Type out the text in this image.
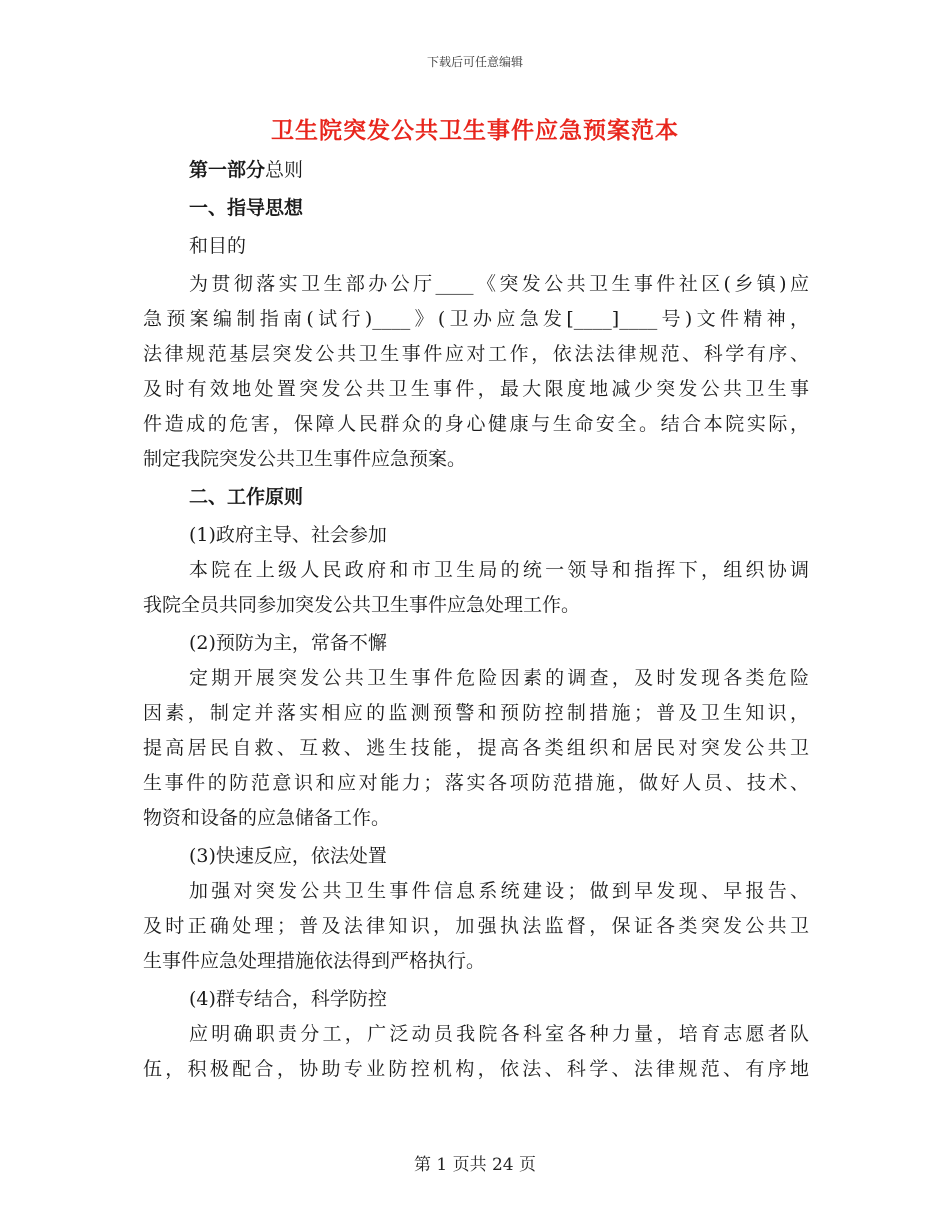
下载后可任意编辑
卫生院突发公共卫生事件应急预案范本
第一部分总则
一、指导思想
和目的
为贯彻落实卫生部办公厅____《突发公共卫生事件社区(乡镇)应
急预案编制指南(试行)____》(卫办应急发[____]____号)文件精神，
法律规范基层突发公共卫生事件应对工作，依法法律规范、科学有序、
及时有效地处置突发公共卫生事件，最大限度地减少突发公共卫生事
件造成的危害，保障人民群众的身心健康与生命安全。结合本院实际，
制定我院突发公共卫生事件应急预案。
二、工作原则
(1)政府主导、社会参加
本院在上级人民政府和市卫生局的统一领导和指挥下，组织协调
我院全员共同参加突发公共卫生事件应急处理工作。
(2)预防为主，常备不懈
定期开展突发公共卫生事件危险因素的调查，及时发现各类危险
因素，制定并落实相应的监测预警和预防控制措施；普及卫生知识，
提高居民自救、互救、逃生技能，提高各类组织和居民对突发公共卫
生事件的防范意识和应对能力；落实各项防范措施，做好人员、技术、
物资和设备的应急储备工作。
(3)快速反应，依法处置
加强对突发公共卫生事件信息系统建设；做到早发现、早报告、
及时正确处理；普及法律知识，加强执法监督，保证各类突发公共卫
生事件应急处理措施依法得到严格执行。
(4)群专结合，科学防控
应明确职责分工，广泛动员我院各科室各种力量，培育志愿者队
伍，积极配合，协助专业防控机构，依法、科学、法律规范、有序地
第 1 页共 24 页
